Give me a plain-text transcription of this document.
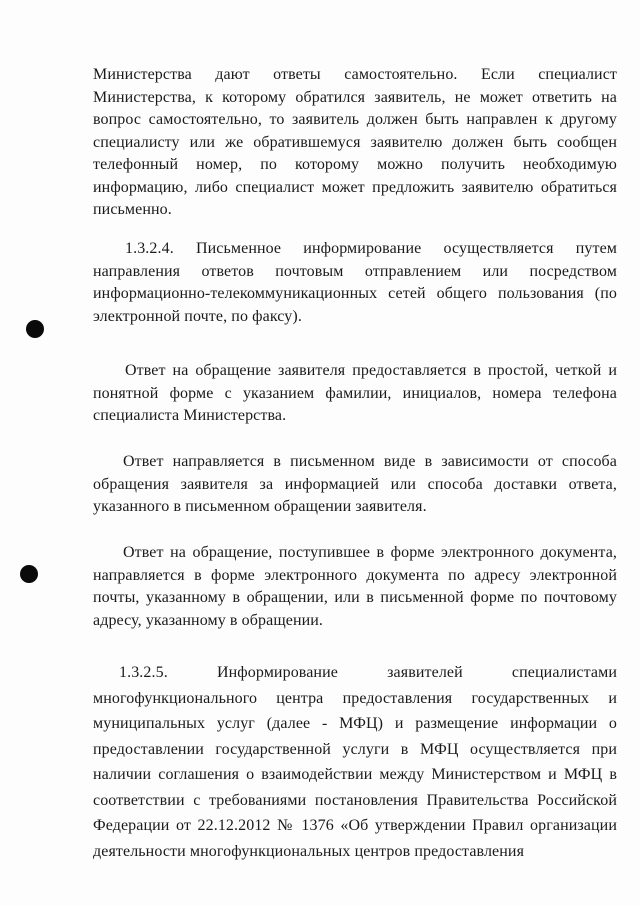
Министерства дают ответы самостоятельно. Если специалист Министерства, к которому обратился заявитель, не может ответить на вопрос самостоятельно, то заявитель должен быть направлен к другому специалисту или же обратившемуся заявителю должен быть сообщен телефонный номер, по которому можно получить необходимую информацию, либо специалист может предложить заявителю обратиться письменно.

1.3.2.4. Письменное информирование осуществляется путем направления ответов почтовым отправлением или посредством информационно-телекоммуникационных сетей общего пользования (по электронной почте, по факсу).

Ответ на обращение заявителя предоставляется в простой, четкой и понятной форме с указанием фамилии, инициалов, номера телефона специалиста Министерства.

Ответ направляется в письменном виде в зависимости от способа обращения заявителя за информацией или способа доставки ответа, указанного в письменном обращении заявителя.

Ответ на обращение, поступившее в форме электронного документа, направляется в форме электронного документа по адресу электронной почты, указанному в обращении, или в письменной форме по почтовому адресу, указанному в обращении.

1.3.2.5. Информирование заявителей специалистами многофункционального центра предоставления государственных и муниципальных услуг (далее - МФЦ) и размещение информации о предоставлении государственной услуги в МФЦ осуществляется при наличии соглашения о взаимодействии между Министерством и МФЦ в соответствии с требованиями постановления Правительства Российской Федерации от 22.12.2012 № 1376 «Об утверждении Правил организации деятельности многофункциональных центров предоставления
